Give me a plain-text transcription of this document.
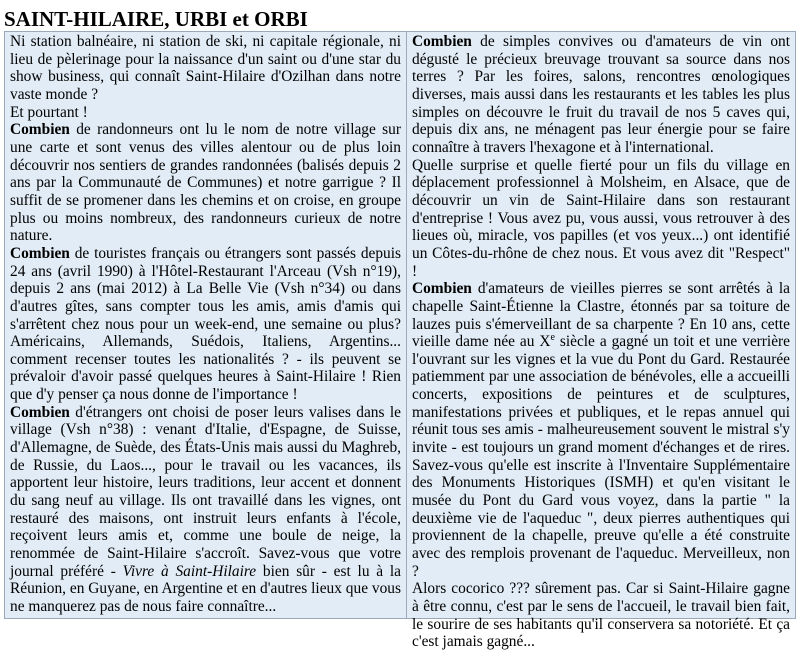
SAINT-HILAIRE, URBI et ORBI

Ni station balnéaire, ni station de ski, ni capitale régionale, ni lieu de pèlerinage pour la naissance d'un saint ou d'une star du show business, qui connaît Saint-Hilaire d'Ozilhan dans notre vaste monde ?

Et pourtant !

Combien de randonneurs ont lu le nom de notre village sur une carte et sont venus des villes alentour ou de plus loin découvrir nos sentiers de grandes randonnées (balisés depuis 2 ans par la Communauté de Communes) et notre garrigue ? Il suffit de se promener dans les chemins et on croise, en groupe plus ou moins nombreux, des randonneurs curieux de notre nature.

Combien de touristes français ou étrangers sont passés depuis 24 ans (avril 1990) à l'Hôtel-Restaurant l'Arceau (Vsh n°19), depuis 2 ans (mai 2012) à La Belle Vie (Vsh n°34) ou dans d'autres gîtes, sans compter tous les amis, amis d'amis qui s'arrêtent chez nous pour un week-end, une semaine ou plus? Américains, Allemands, Suédois, Italiens, Argentins... comment recenser toutes les nationalités ? - ils peuvent se prévaloir d'avoir passé quelques heures à Saint-Hilaire ! Rien que d'y penser ça nous donne de l'importance !

Combien d'étrangers ont choisi de poser leurs valises dans le village (Vsh n°38) : venant d'Italie, d'Espagne, de Suisse, d'Allemagne, de Suède, des États-Unis mais aussi du Maghreb, de Russie, du Laos..., pour le travail ou les vacances, ils apportent leur histoire, leurs traditions, leur accent et donnent du sang neuf au village. Ils ont travaillé dans les vignes, ont restauré des maisons, ont instruit leurs enfants à l'école, reçoivent leurs amis et, comme une boule de neige, la renommée de Saint-Hilaire s'accroît. Savez-vous que votre journal préféré - Vivre à Saint-Hilaire bien sûr - est lu à la Réunion, en Guyane, en Argentine et en d'autres lieux que vous ne manquerez pas de nous faire connaître...

Combien de simples convives ou d'amateurs de vin ont dégusté le précieux breuvage trouvant sa source dans nos terres ? Par les foires, salons, rencontres œnologiques diverses, mais aussi dans les restaurants et les tables les plus simples on découvre le fruit du travail de nos 5 caves qui, depuis dix ans, ne ménagent pas leur énergie pour se faire connaître à travers l'hexagone et à l'international.

Quelle surprise et quelle fierté pour un fils du village en déplacement professionnel à Molsheim, en Alsace, que de découvrir un vin de Saint-Hilaire dans son restaurant d'entreprise ! Vous avez pu, vous aussi, vous retrouver à des lieues où, miracle, vos papilles (et vos yeux...) ont identifié un Côtes-du-rhône de chez nous. Et vous avez dit "Respect" !

Combien d'amateurs de vieilles pierres se sont arrêtés à la chapelle Saint-Étienne la Clastre, étonnés par sa toiture de lauzes puis s'émerveillant de sa charpente ? En 10 ans, cette vieille dame née au Xe siècle a gagné un toit et une verrière l'ouvrant sur les vignes et la vue du Pont du Gard. Restaurée patiemment par une association de bénévoles, elle a accueilli concerts, expositions de peintures et de sculptures, manifestations privées et publiques, et le repas annuel qui réunit tous ses amis - malheureusement souvent le mistral s'y invite - est toujours un grand moment d'échanges et de rires. Savez-vous qu'elle est inscrite à l'Inventaire Supplémentaire des Monuments Historiques (ISMH) et qu'en visitant le musée du Pont du Gard vous voyez, dans la partie " la deuxième vie de l'aqueduc ", deux pierres authentiques qui proviennent de la chapelle, preuve qu'elle a été construite avec des remplois provenant de l'aqueduc. Merveilleux, non ?

Alors cocorico ??? sûrement pas. Car si Saint-Hilaire gagne à être connu, c'est par le sens de l'accueil, le travail bien fait, le sourire de ses habitants qu'il conservera sa notoriété. Et ça c'est jamais gagné...
